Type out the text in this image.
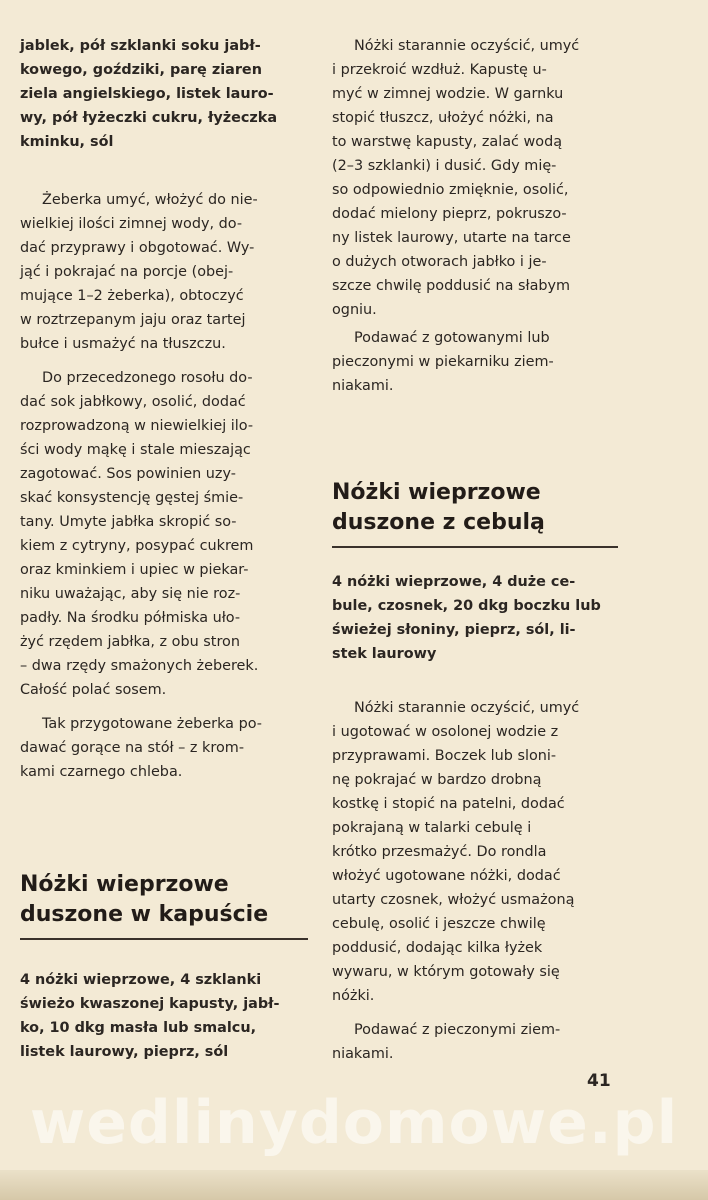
jablek, pół szklanki soku jabł-
kowego, goździki, parę ziaren
ziela angielskiego, listek lauro-
wy, pół łyżeczki cukru, łyżeczka
kminku, sól

Żeberka umyć, włożyć do nie-
wielkiej ilości zimnej wody, do-
dać przyprawy i obgotować. Wy-
jąć i pokrajać na porcje (obej-
mujące 1–2 żeberka), obtoczyć
w roztrzepanym jaju oraz tartej
bułce i usmażyć na tłuszczu.

Do przecedzonego rosołu do-
dać sok jabłkowy, osolić, dodać
rozprowadzoną w niewielkiej ilo-
ści wody mąkę i stale mieszając
zagotować. Sos powinien uzy-
skać konsystencję gęstej śmie-
tany. Umyte jabłka skropić so-
kiem z cytryny, posypać cukrem
oraz kminkiem i upiec w piekar-
niku uważając, aby się nie roz-
padły. Na środku półmiska uło-
żyć rzędem jabłka, z obu stron
– dwa rzędy smażonych żeberek.
Całość polać sosem.

Tak przygotowane żeberka po-
dawać gorące na stół – z krom-
kami czarnego chleba.

Nóżki wieprzowe
duszone w kapuście

4 nóżki wieprzowe, 4 szklanki
świeżo kwaszonej kapusty, jabł-
ko, 10 dkg masła lub smalcu,
listek laurowy, pieprz, sól

Nóżki starannie oczyścić, umyć
i przekroić wzdłuż. Kapustę u-
myć w zimnej wodzie. W garnku
stopić tłuszcz, ułożyć nóżki, na
to warstwę kapusty, zalać wodą
(2–3 szklanki) i dusić. Gdy mię-
so odpowiednio zmięknie, osolić,
dodać mielony pieprz, pokruszo-
ny listek laurowy, utarte na tarce
o dużych otworach jabłko i je-
szcze chwilę poddusić na słabym
ogniu.

Podawać z gotowanymi lub
pieczonymi w piekarniku ziem-
niakami.

Nóżki wieprzowe
duszone z cebulą

4 nóżki wieprzowe, 4 duże ce-
bule, czosnek, 20 dkg boczku lub
świeżej słoniny, pieprz, sól, li-
stek laurowy

Nóżki starannie oczyścić, umyć
i ugotować w osolonej wodzie z
przyprawami. Boczek lub sloni-
nę pokrajać w bardzo drobną
kostkę i stopić na patelni, dodać
pokrajaną w talarki cebulę i
krótko przesmażyć. Do rondla
włożyć ugotowane nóżki, dodać
utarty czosnek, włożyć usmażoną
cebulę, osolić i jeszcze chwilę
poddusić, dodając kilka łyżek
wywaru, w którym gotowały się
nóżki.

Podawać z pieczonymi ziem-
niakami.

41
wedlinydomowe.pl
